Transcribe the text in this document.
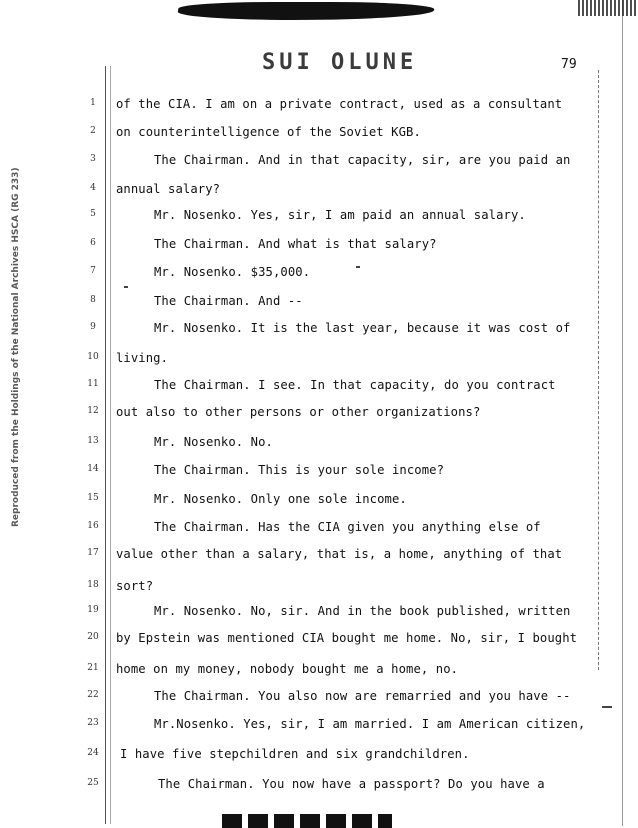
SUI OLUNE	79
Reproduced from the Holdings of the National Archives HSCA (RG 233)
1	of the CIA. I am on a private contract, used as a consultant
2	on counterintelligence of the Soviet KGB.
3	The Chairman. And in that capacity, sir, are you paid an
4	annual salary?
5	Mr. Nosenko. Yes, sir, I am paid an annual salary.
6	The Chairman. And what is that salary?
7	Mr. Nosenko. $35,000.
8	The Chairman. And --
9	Mr. Nosenko. It is the last year, because it was cost of
10 living.
11	The Chairman. I see. In that capacity, do you contract
12 out also to other persons or other organizations?
13	Mr. Nosenko. No.
14	The Chairman. This is your sole income?
15	Mr. Nosenko. Only one sole income.
16	The Chairman. Has the CIA given you anything else of
17 value other than a salary, that is, a home, anything of that
18 sort?
19	Mr. Nosenko. No, sir. And in the book published, written
20 by Epstein was mentioned CIA bought me home. No, sir, I bought
21 home on my money, nobody bought me a home, no.
22	The Chairman. You also now are remarried and you have --
23	Mr.Nosenko. Yes, sir, I am married. I am American citizen,
24 I have five stepchildren and six grandchildren.
25	The Chairman. You now have a passport? Do you have a
